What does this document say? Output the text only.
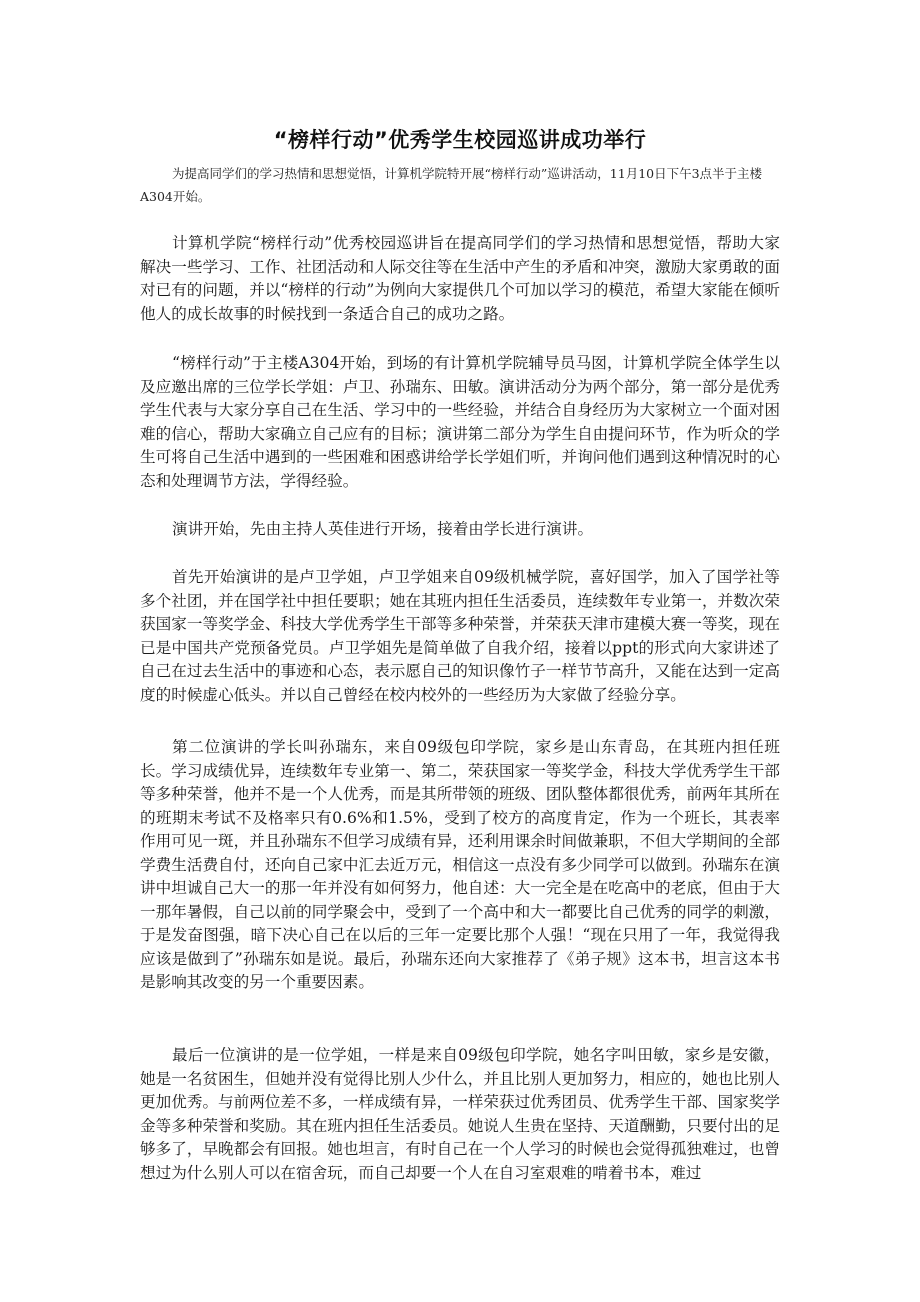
“榜样行动”优秀学生校园巡讲成功举行
为提高同学们的学习热情和思想觉悟，计算机学院特开展“榜样行动”巡讲活动，11月10日下午3点半于主楼A304开始。
计算机学院“榜样行动”优秀校园巡讲旨在提高同学们的学习热情和思想觉悟，帮助大家解决一些学习、工作、社团活动和人际交往等在生活中产生的矛盾和冲突，激励大家勇敢的面对已有的问题，并以“榜样的行动”为例向大家提供几个可加以学习的模范，希望大家能在倾听他人的成长故事的时候找到一条适合自己的成功之路。
“榜样行动”于主楼A304开始，到场的有计算机学院辅导员马囡，计算机学院全体学生以及应邀出席的三位学长学姐：卢卫、孙瑞东、田敏。演讲活动分为两个部分，第一部分是优秀学生代表与大家分享自己在生活、学习中的一些经验，并结合自身经历为大家树立一个面对困难的信心，帮助大家确立自己应有的目标；演讲第二部分为学生自由提问环节，作为听众的学生可将自己生活中遇到的一些困难和困惑讲给学长学姐们听，并询问他们遇到这种情况时的心态和处理调节方法，学得经验。
演讲开始，先由主持人英佳进行开场，接着由学长进行演讲。
首先开始演讲的是卢卫学姐，卢卫学姐来自09级机械学院，喜好国学，加入了国学社等多个社团，并在国学社中担任要职；她在其班内担任生活委员，连续数年专业第一，并数次荣获国家一等奖学金、科技大学优秀学生干部等多种荣誉，并荣获天津市建模大赛一等奖，现在已是中国共产党预备党员。卢卫学姐先是简单做了自我介绍，接着以ppt的形式向大家讲述了自己在过去生活中的事迹和心态，表示愿自己的知识像竹子一样节节高升，又能在达到一定高度的时候虚心低头。并以自己曾经在校内校外的一些经历为大家做了经验分享。
第二位演讲的学长叫孙瑞东，来自09级包印学院，家乡是山东青岛，在其班内担任班长。学习成绩优异，连续数年专业第一、第二，荣获国家一等奖学金，科技大学优秀学生干部等多种荣誉，他并不是一个人优秀，而是其所带领的班级、团队整体都很优秀，前两年其所在的班期末考试不及格率只有0.6%和1.5%，受到了校方的高度肯定，作为一个班长，其表率作用可见一斑，并且孙瑞东不但学习成绩有异，还利用课余时间做兼职，不但大学期间的全部学费生活费自付，还向自己家中汇去近万元，相信这一点没有多少同学可以做到。孙瑞东在演讲中坦诚自己大一的那一年并没有如何努力，他自述：大一完全是在吃高中的老底，但由于大一那年暑假，自己以前的同学聚会中，受到了一个高中和大一都要比自己优秀的同学的刺激，于是发奋图强，暗下决心自己在以后的三年一定要比那个人强！“现在只用了一年，我觉得我应该是做到了”孙瑞东如是说。最后，孙瑞东还向大家推荐了《弟子规》这本书，坦言这本书是影响其改变的另一个重要因素。
最后一位演讲的是一位学姐，一样是来自09级包印学院，她名字叫田敏，家乡是安徽，她是一名贫困生，但她并没有觉得比别人少什么，并且比别人更加努力，相应的，她也比别人更加优秀。与前两位差不多，一样成绩有异，一样荣获过优秀团员、优秀学生干部、国家奖学金等多种荣誉和奖励。其在班内担任生活委员。她说人生贵在坚持、天道酬勤，只要付出的足够多了，早晚都会有回报。她也坦言，有时自己在一个人学习的时候也会觉得孤独难过，也曾想过为什么别人可以在宿舍玩，而自己却要一个人在自习室艰难的啃着书本，难过
